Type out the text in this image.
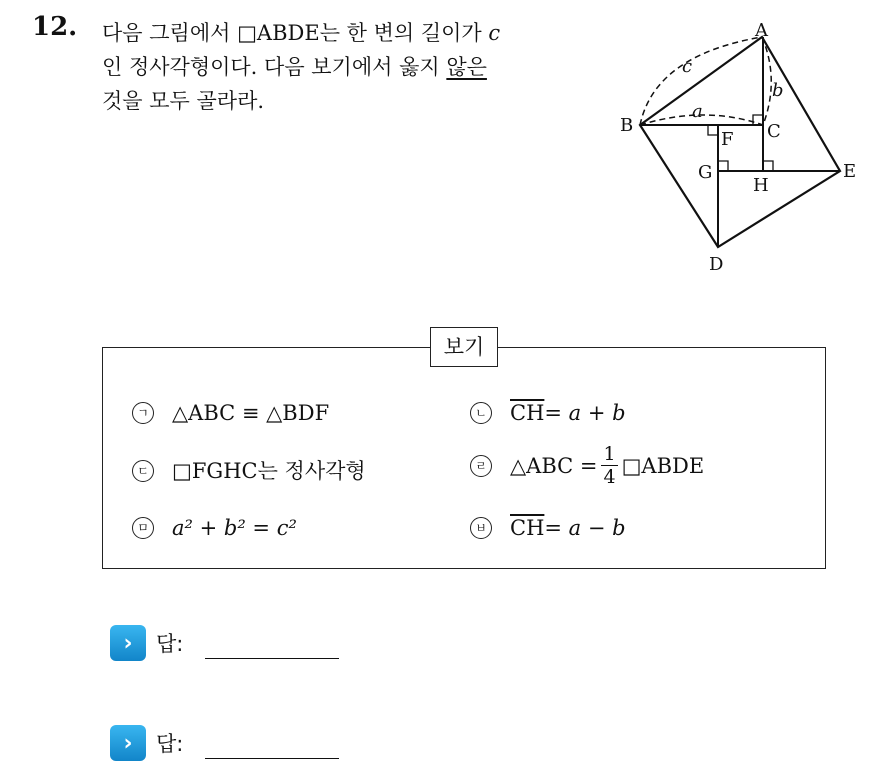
12. 다음 그림에서 □ABDE는 한 변의 길이가 c
인 정사각형이다. 다음 보기에서 옳지 않은
것을 모두 골라라.
A
B	C
D
E
F
G
H
a
b
c
보기
ㄱ △ABC ≡ △BDF	ㄴ $\overline{CH} = a + b$
ㄷ □FGHC는 정사각형	ㄹ △ABC = $\frac{1}{4}$ □ABDE
ㅁ a² + b² = c²	ㅂ $\overline{CH} = a - b$
›	답:
›	답:
